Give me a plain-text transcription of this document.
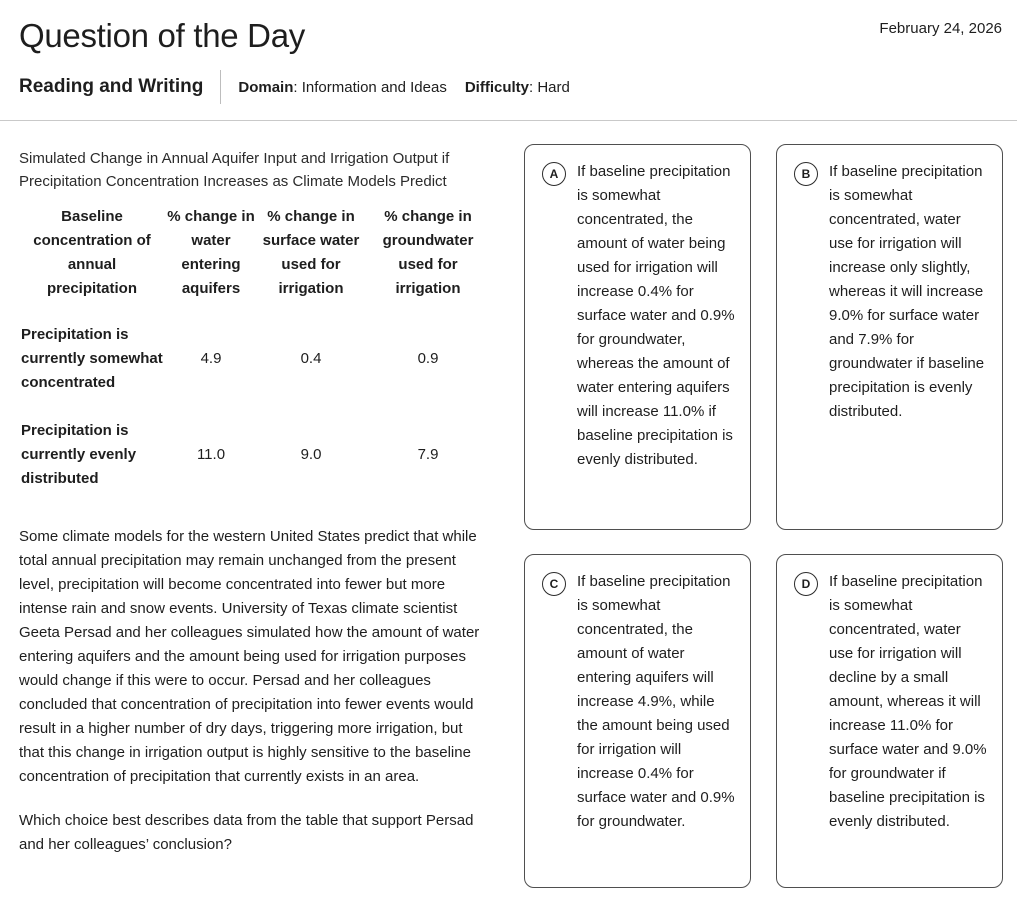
Question of the Day	February 24, 2026
Reading and Writing Domain: Information and Ideas Difficulty: Hard
Simulated Change in Annual Aquifer Input and Irrigation Output if Precipitation Concentration Increases as Climate Models Predict
Baseline concentration of annual precipitation	% change in water entering aquifers	% change in surface water used for irrigation	% change in groundwater used for irrigation
Precipitation is currently somewhat concentrated	4.9	0.4	0.9
Precipitation is currently evenly distributed	11.0	9.0	7.9

Some climate models for the western United States predict that while total annual precipitation may remain unchanged from the present level, precipitation will become concentrated into fewer but more intense rain and snow events. University of Texas climate scientist Geeta Persad and her colleagues simulated how the amount of water entering aquifers and the amount being used for irrigation purposes would change if this were to occur. Persad and her colleagues concluded that concentration of precipitation into fewer events would result in a higher number of dry days, triggering more irrigation, but that this change in irrigation output is highly sensitive to the baseline concentration of precipitation that currently exists in an area.

Which choice best describes data from the table that support Persad and her colleagues’ conclusion?

A	If baseline precipitation is somewhat concentrated, the amount of water being used for irrigation will increase 0.4% for surface water and 0.9% for groundwater, whereas the amount of water entering aquifers will increase 11.0% if baseline precipitation is evenly distributed.
B	If baseline precipitation is somewhat concentrated, water use for irrigation will increase only slightly, whereas it will increase 9.0% for surface water and 7.9% for groundwater if baseline precipitation is evenly distributed.
C	If baseline precipitation is somewhat concentrated, the amount of water entering aquifers will increase 4.9%, while the amount being used for irrigation will increase 0.4% for surface water and 0.9% for groundwater.
D	If baseline precipitation is somewhat concentrated, water use for irrigation will decline by a small amount, whereas it will increase 11.0% for surface water and 9.0% for groundwater if baseline precipitation is evenly distributed.
